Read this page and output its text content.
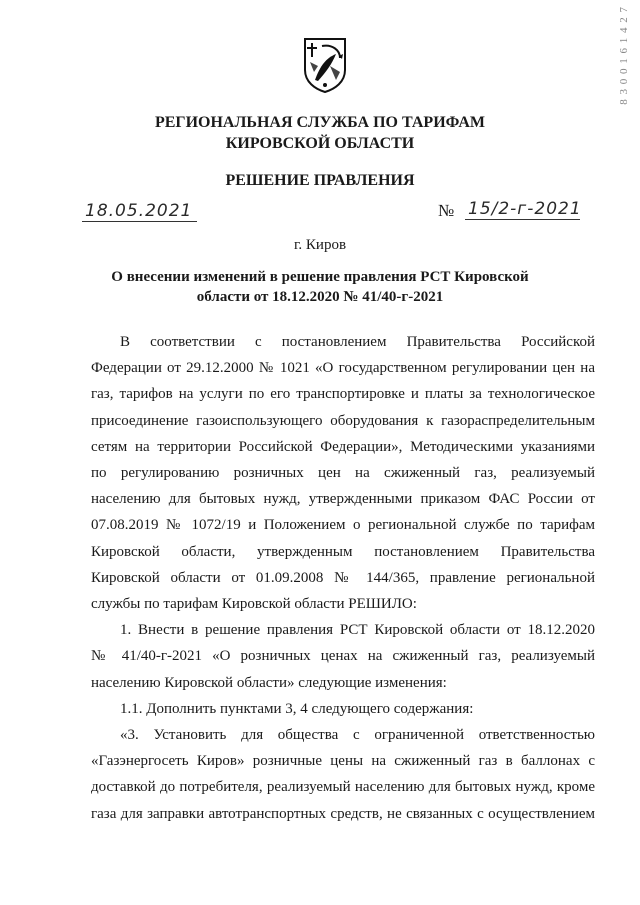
8 3 0 0 1 6 1 4 2 7
РЕГИОНАЛЬНАЯ СЛУЖБА ПО ТАРИФАМ
КИРОВСКОЙ ОБЛАСТИ
РЕШЕНИЕ ПРАВЛЕНИЯ
18.05.2021	№ 15/2-г-2021
г. Киров
О внесении изменений в решение правления РСТ Кировской
области от 18.12.2020 № 41/40-г-2021

В соответствии с постановлением Правительства Российской

Федерации от 29.12.2000 № 1021 «О государственном регулировании цен на

газ, тарифов на услуги по его транспортировке и платы за технологическое

присоединение газоиспользующего оборудования к газораспределительным

сетям на территории Российской Федерации», Методическими указаниями

по регулированию розничных цен на сжиженный газ, реализуемый

населению для бытовых нужд, утвержденными приказом ФАС России от

07.08.2019 № 1072/19 и Положением о региональной службе по тарифам

Кировской области, утвержденным постановлением Правительства

Кировской области от 01.09.2008 № 144/365, правление региональной

службы по тарифам Кировской области РЕШИЛО:

1. Внести в решение правления РСТ Кировской области от 18.12.2020

№ 41/40-г-2021 «О розничных ценах на сжиженный газ, реализуемый

населению Кировской области» следующие изменения:

1.1. Дополнить пунктами 3, 4 следующего содержания:

«3. Установить для общества с ограниченной ответственностью

«Газэнергосеть Киров» розничные цены на сжиженный газ в баллонах с

доставкой до потребителя, реализуемый населению для бытовых нужд, кроме

газа для заправки автотранспортных средств, не связанных с осуществлением
